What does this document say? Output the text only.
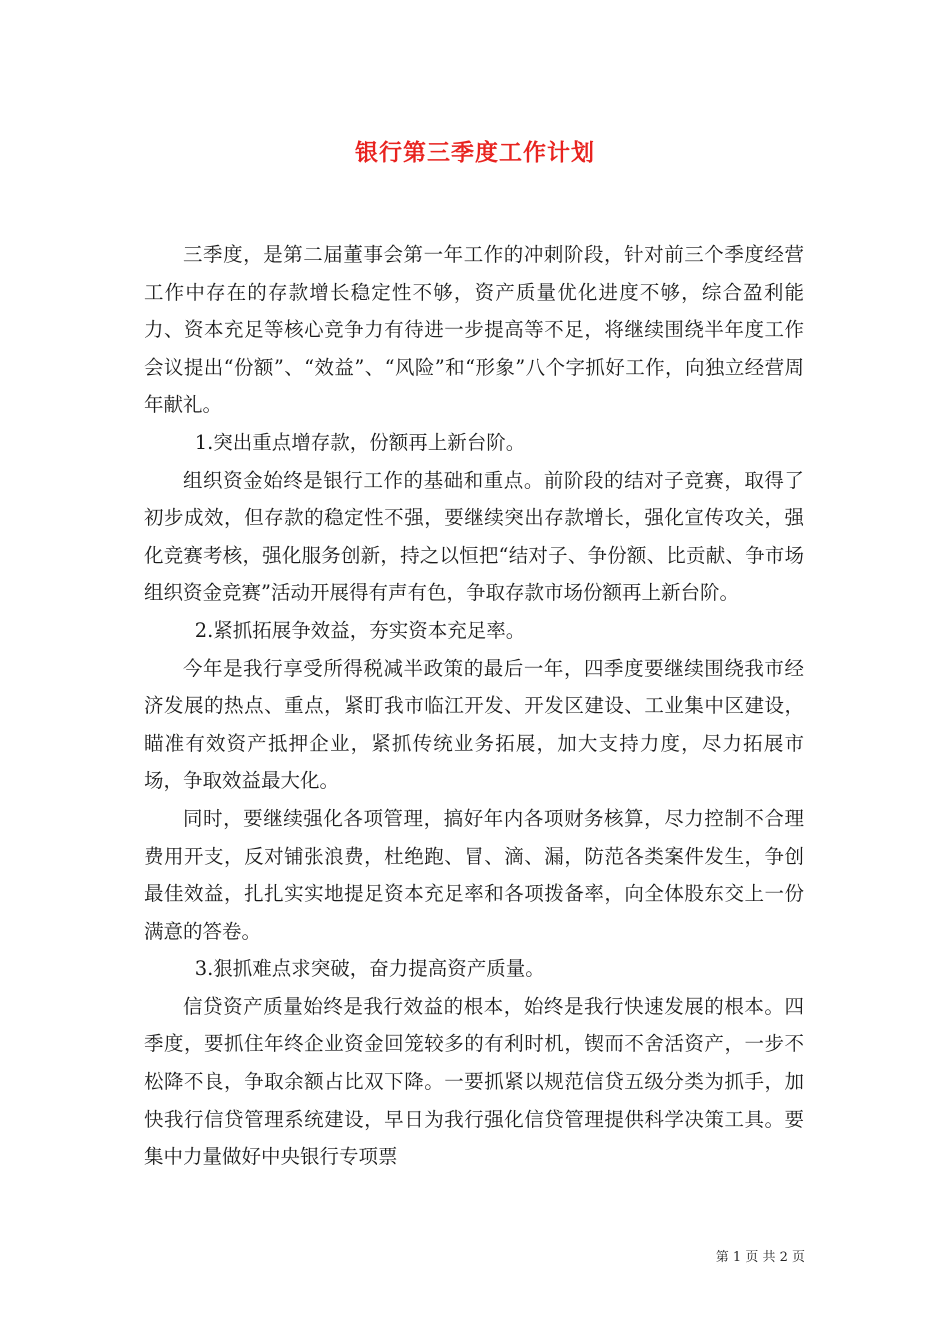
银行第三季度工作计划

三季度，是第二届董事会第一年工作的冲刺阶段，针对前三个季度经营工作中存在的存款增长稳定性不够，资产质量优化进度不够，综合盈利能力、资本充足等核心竞争力有待进一步提高等不足，将继续围绕半年度工作会议提出“份额”、“效益”、“风险”和“形象”八个字抓好工作，向独立经营周年献礼。

1.突出重点增存款，份额再上新台阶。

组织资金始终是银行工作的基础和重点。前阶段的结对子竞赛，取得了初步成效，但存款的稳定性不强，要继续突出存款增长，强化宣传攻关，强化竞赛考核，强化服务创新，持之以恒把“结对子、争份额、比贡献、争市场组织资金竞赛”活动开展得有声有色，争取存款市场份额再上新台阶。

2.紧抓拓展争效益，夯实资本充足率。

今年是我行享受所得税减半政策的最后一年，四季度要继续围绕我市经济发展的热点、重点，紧盯我市临江开发、开发区建设、工业集中区建设，瞄准有效资产抵押企业，紧抓传统业务拓展，加大支持力度，尽力拓展市场，争取效益最大化。

同时，要继续强化各项管理，搞好年内各项财务核算，尽力控制不合理费用开支，反对铺张浪费，杜绝跑、冒、滴、漏，防范各类案件发生，争创最佳效益，扎扎实实地提足资本充足率和各项拨备率，向全体股东交上一份满意的答卷。

3.狠抓难点求突破，奋力提高资产质量。

信贷资产质量始终是我行效益的根本，始终是我行快速发展的根本。四季度，要抓住年终企业资金回笼较多的有利时机，锲而不舍活资产，一步不松降不良，争取余额占比双下降。一要抓紧以规范信贷五级分类为抓手，加快我行信贷管理系统建设，早日为我行强化信贷管理提供科学决策工具。要集中力量做好中央银行专项票

第 1 页 共 2 页
